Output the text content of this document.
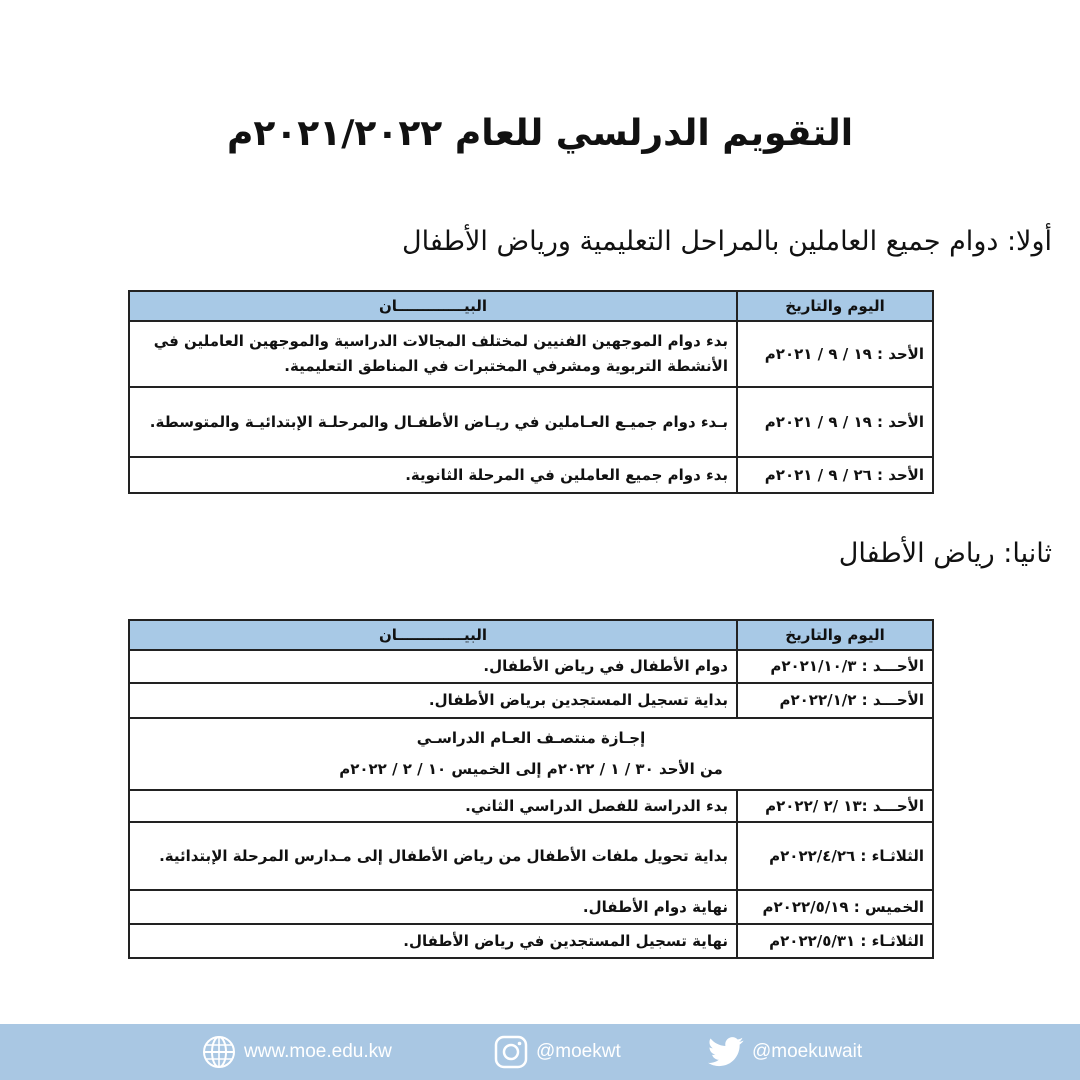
التقويم الدرلسي للعام ٢٠٢١/٢٠٢٢م
أولا: دوام جميع العاملين بالمراحل التعليمية ورياض الأطفال
اليوم والتاريخ	البيـــــــــــــان
الأحد : ١٩ / ٩ / ٢٠٢١م	بدء دوام الموجهين الفنيين لمختلف المجالات الدراسية والموجهين العاملين في الأنشطة التربوية ومشرفي المختبرات في المناطق التعليمية.
الأحد : ١٩ / ٩ / ٢٠٢١م	بـدء دوام جميـع العـاملين في ريـاض الأطفـال والمرحلـة الإبتدائيـة والمتوسطة.
الأحد : ٢٦ / ٩ / ٢٠٢١م	بدء دوام جميع العاملين في المرحلة الثانوية.
ثانيا: رياض الأطفال
اليوم والتاريخ	البيـــــــــــــان
الأحـــد : ٢٠٢١/١٠/٣م	دوام الأطفال في رياض الأطفال.
الأحـــد : ٢٠٢٢/١/٢م	بداية تسجيل المستجدين برياض الأطفال.

إجـازة منتصـف العـام الدراسـي
من الأحد ٣٠ / ١ / ٢٠٢٢م إلى الخميس ١٠ / ٢ / ٢٠٢٢م	

الأحـــد :١٣ /٢ /٢٠٢٢م	بدء الدراسة للفصل الدراسي الثاني.
الثلاثـاء : ٢٠٢٢/٤/٢٦م	بداية تحويل ملفات الأطفال من رياض الأطفال إلى مـدارس المرحلة الإبتدائية.
الخميس : ٢٠٢٢/٥/١٩م	نهاية دوام الأطفال.
الثلاثـاء : ٢٠٢٢/٥/٣١م	نهاية تسجيل المستجدين في رياض الأطفال.
www.moe.edu.kw	@moekwt	@moekuwait
